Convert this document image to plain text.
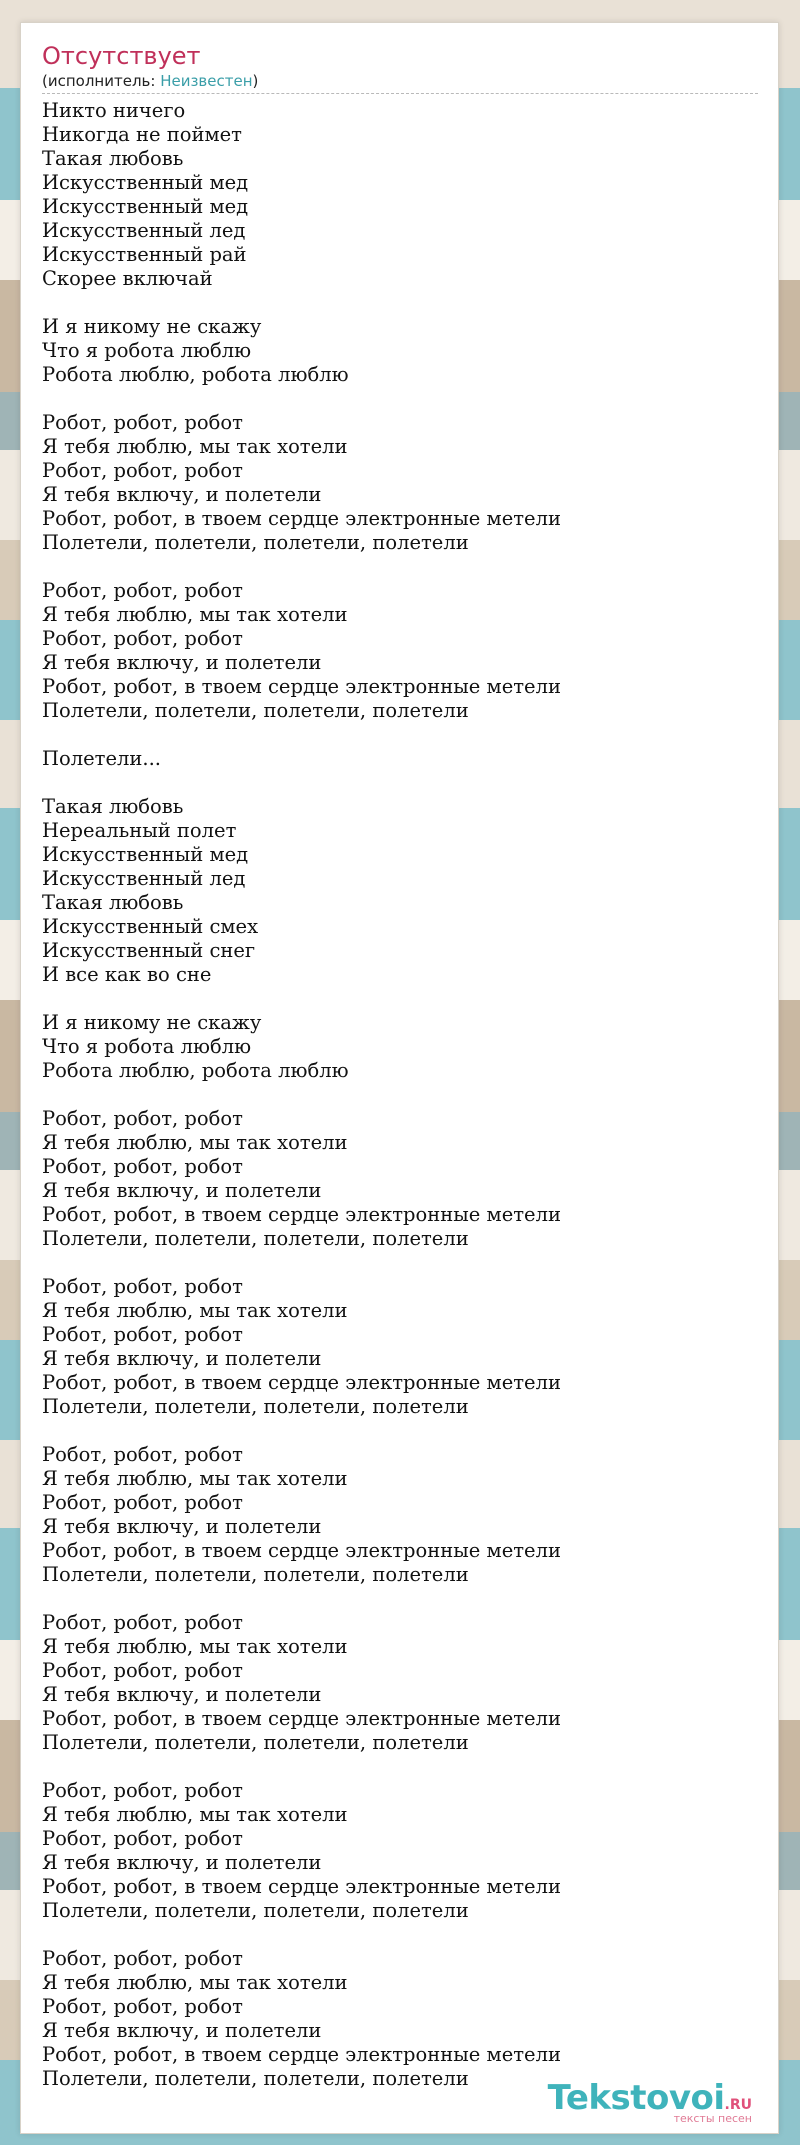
Отсутствует
(исполнитель: Неизвестен)
Никто ничего
Никогда не поймет
Такая любовь
Искусственный мед
Искусственный мед
Искусственный лед
Искусственный рай
Скорее включай
И я никому не скажу
Что я робота люблю
Робота люблю, робота люблю
Робот, робот, робот
Я тебя люблю, мы так хотели
Робот, робот, робот
Я тебя включу, и полетели
Робот, робот, в твоем сердце электронные метели
Полетели, полетели, полетели, полетели
Робот, робот, робот
Я тебя люблю, мы так хотели
Робот, робот, робот
Я тебя включу, и полетели
Робот, робот, в твоем сердце электронные метели
Полетели, полетели, полетели, полетели
Полетели...
Такая любовь
Нереальный полет
Искусственный мед
Искусственный лед
Такая любовь
Искусственный смех
Искусственный снег
И все как во сне
И я никому не скажу
Что я робота люблю
Робота люблю, робота люблю
Робот, робот, робот
Я тебя люблю, мы так хотели
Робот, робот, робот
Я тебя включу, и полетели
Робот, робот, в твоем сердце электронные метели
Полетели, полетели, полетели, полетели
Робот, робот, робот
Я тебя люблю, мы так хотели
Робот, робот, робот
Я тебя включу, и полетели
Робот, робот, в твоем сердце электронные метели
Полетели, полетели, полетели, полетели
Робот, робот, робот
Я тебя люблю, мы так хотели
Робот, робот, робот
Я тебя включу, и полетели
Робот, робот, в твоем сердце электронные метели
Полетели, полетели, полетели, полетели
Робот, робот, робот
Я тебя люблю, мы так хотели
Робот, робот, робот
Я тебя включу, и полетели
Робот, робот, в твоем сердце электронные метели
Полетели, полетели, полетели, полетели
Робот, робот, робот
Я тебя люблю, мы так хотели
Робот, робот, робот
Я тебя включу, и полетели
Робот, робот, в твоем сердце электронные метели
Полетели, полетели, полетели, полетели
Робот, робот, робот
Я тебя люблю, мы так хотели
Робот, робот, робот
Я тебя включу, и полетели
Робот, робот, в твоем сердце электронные метели
Полетели, полетели, полетели, полетели	Tekstovoi.RU
тексты песен
